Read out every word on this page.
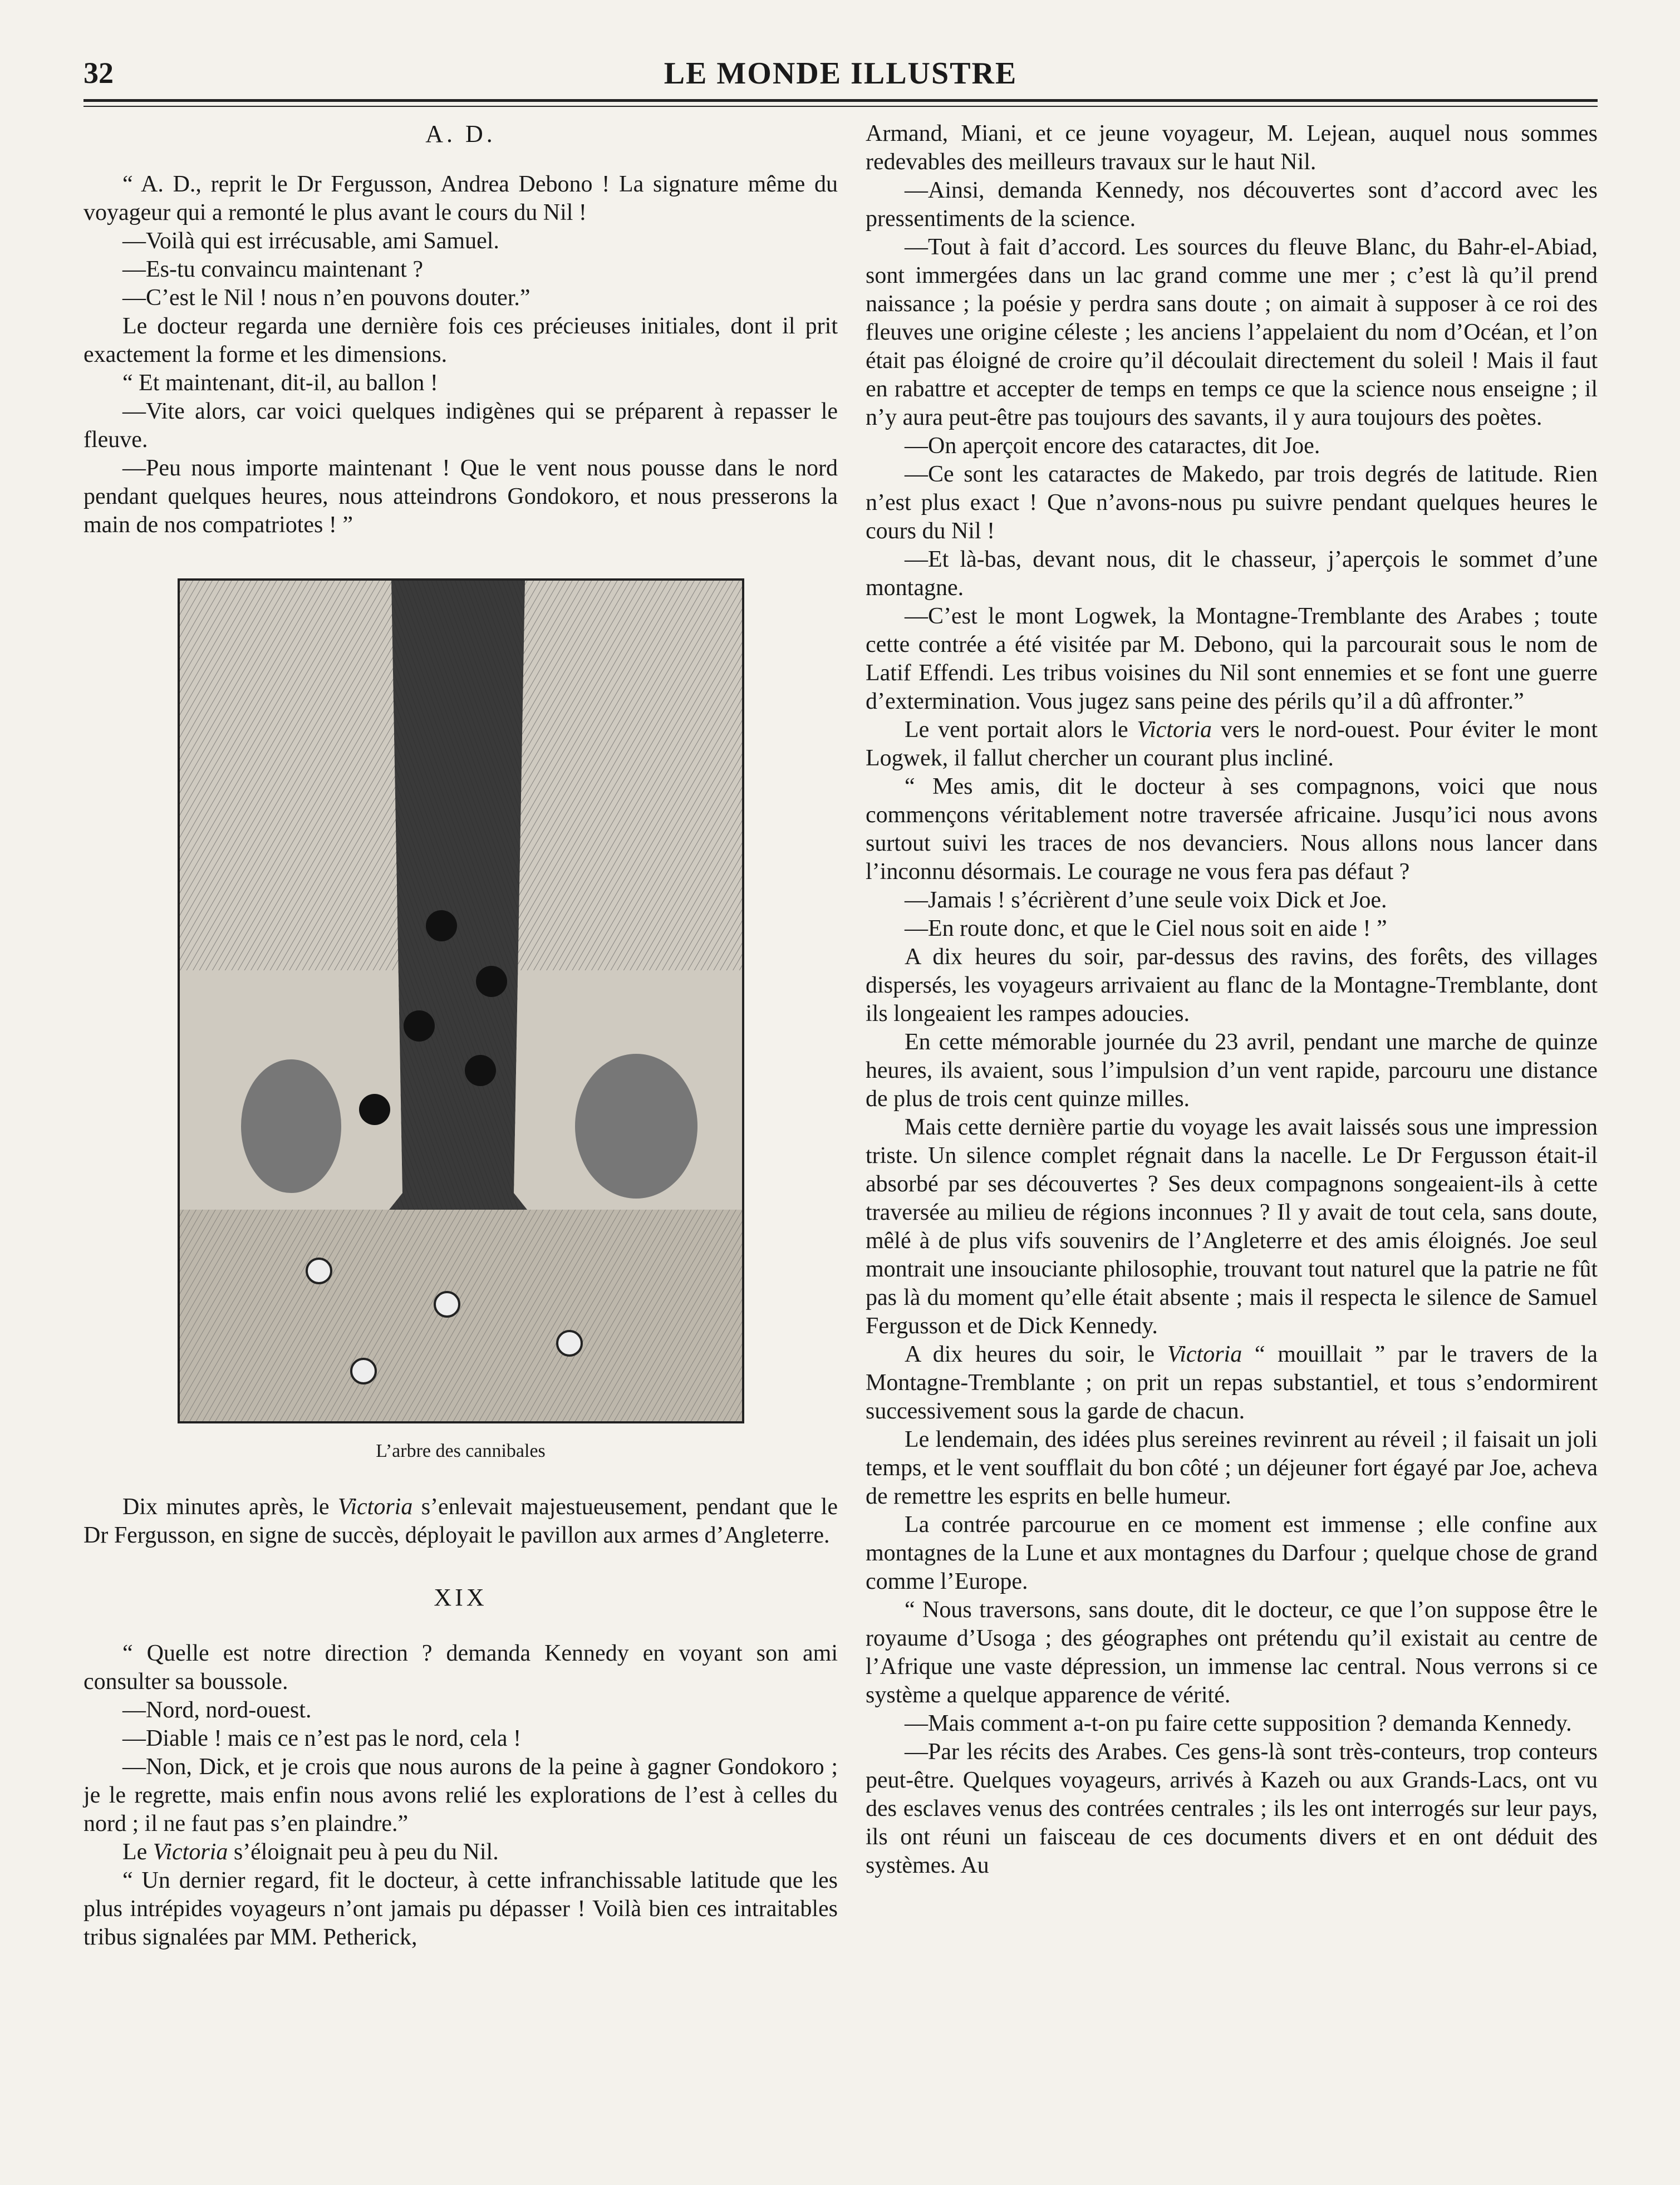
32	LE MONDE ILLUSTRE

A. D.

“ A. D., reprit le Dr Fergusson, Andrea Debono ! La signature même du voyageur qui a remonté le plus avant le cours du Nil !

—Voilà qui est irrécusable, ami Samuel.

—Es-tu convaincu maintenant ?

—C’est le Nil ! nous n’en pouvons douter.”

Le docteur regarda une dernière fois ces précieuses initiales, dont il prit exactement la forme et les dimensions.

“ Et maintenant, dit-il, au ballon !

—Vite alors, car voici quelques indigènes qui se préparent à repasser le fleuve.

—Peu nous importe maintenant ! Que le vent nous pousse dans le nord pendant quelques heures, nous atteindrons Gondokoro, et nous presserons la main de nos compatriotes ! ”

L’arbre des cannibales

Dix minutes après, le Victoria s’enlevait majestueusement, pendant que le Dr Fergusson, en signe de succès, déployait le pavillon aux armes d’Angleterre.

XIX

“ Quelle est notre direction ? demanda Kennedy en voyant son ami consulter sa boussole.

—Nord, nord-ouest.

—Diable ! mais ce n’est pas le nord, cela !

—Non, Dick, et je crois que nous aurons de la peine à gagner Gondokoro ; je le regrette, mais enfin nous avons relié les explorations de l’est à celles du nord ; il ne faut pas s’en plaindre.”

Le Victoria s’éloignait peu à peu du Nil.

“ Un dernier regard, fit le docteur, à cette infranchissable latitude que les plus intrépides voyageurs n’ont jamais pu dépasser ! Voilà bien ces intraitables tribus signalées par MM. Petherick,

Armand, Miani, et ce jeune voyageur, M. Lejean, auquel nous sommes redevables des meilleurs travaux sur le haut Nil.

—Ainsi, demanda Kennedy, nos découvertes sont d’accord avec les pressentiments de la science.

—Tout à fait d’accord. Les sources du fleuve Blanc, du Bahr-el-Abiad, sont immergées dans un lac grand comme une mer ; c’est là qu’il prend naissance ; la poésie y perdra sans doute ; on aimait à supposer à ce roi des fleuves une origine céleste ; les anciens l’appelaient du nom d’Océan, et l’on était pas éloigné de croire qu’il découlait directement du soleil ! Mais il faut en rabattre et accepter de temps en temps ce que la science nous enseigne ; il n’y aura peut-être pas toujours des savants, il y aura toujours des poètes.

—On aperçoit encore des cataractes, dit Joe.

—Ce sont les cataractes de Makedo, par trois degrés de latitude. Rien n’est plus exact ! Que n’avons-nous pu suivre pendant quelques heures le cours du Nil !

—Et là-bas, devant nous, dit le chasseur, j’aperçois le sommet d’une montagne.

—C’est le mont Logwek, la Montagne-Tremblante des Arabes ; toute cette contrée a été visitée par M. Debono, qui la parcourait sous le nom de Latif Effendi. Les tribus voisines du Nil sont ennemies et se font une guerre d’extermination. Vous jugez sans peine des périls qu’il a dû affronter.”

Le vent portait alors le Victoria vers le nord-ouest. Pour éviter le mont Logwek, il fallut chercher un courant plus incliné.

“ Mes amis, dit le docteur à ses compagnons, voici que nous commençons véritablement notre traversée africaine. Jusqu’ici nous avons surtout suivi les traces de nos devanciers. Nous allons nous lancer dans l’inconnu désormais. Le courage ne vous fera pas défaut ?

—Jamais ! s’écrièrent d’une seule voix Dick et Joe.

—En route donc, et que le Ciel nous soit en aide ! ”

A dix heures du soir, par-dessus des ravins, des forêts, des villages dispersés, les voyageurs arrivaient au flanc de la Montagne-Tremblante, dont ils longeaient les rampes adoucies.

En cette mémorable journée du 23 avril, pendant une marche de quinze heures, ils avaient, sous l’impulsion d’un vent rapide, parcouru une distance de plus de trois cent quinze milles.

Mais cette dernière partie du voyage les avait laissés sous une impression triste. Un silence complet régnait dans la nacelle. Le Dr Fergusson était-il absorbé par ses découvertes ? Ses deux compagnons songeaient-ils à cette traversée au milieu de régions inconnues ? Il y avait de tout cela, sans doute, mêlé à de plus vifs souvenirs de l’Angleterre et des amis éloignés. Joe seul montrait une insouciante philosophie, trouvant tout naturel que la patrie ne fût pas là du moment qu’elle était absente ; mais il respecta le silence de Samuel Fergusson et de Dick Kennedy.

A dix heures du soir, le Victoria “ mouillait ” par le travers de la Montagne-Tremblante ; on prit un repas substantiel, et tous s’endormirent successivement sous la garde de chacun.

Le lendemain, des idées plus sereines revinrent au réveil ; il faisait un joli temps, et le vent soufflait du bon côté ; un déjeuner fort égayé par Joe, acheva de remettre les esprits en belle humeur.

La contrée parcourue en ce moment est immense ; elle confine aux montagnes de la Lune et aux montagnes du Darfour ; quelque chose de grand comme l’Europe.

“ Nous traversons, sans doute, dit le docteur, ce que l’on suppose être le royaume d’Usoga ; des géographes ont prétendu qu’il existait au centre de l’Afrique une vaste dépression, un immense lac central. Nous verrons si ce système a quelque apparence de vérité.

—Mais comment a-t-on pu faire cette supposition ? demanda Kennedy.

—Par les récits des Arabes. Ces gens-là sont très-conteurs, trop conteurs peut-être. Quelques voyageurs, arrivés à Kazeh ou aux Grands-Lacs, ont vu des esclaves venus des contrées centrales ; ils les ont interrogés sur leur pays, ils ont réuni un faisceau de ces documents divers et en ont déduit des systèmes. Au
